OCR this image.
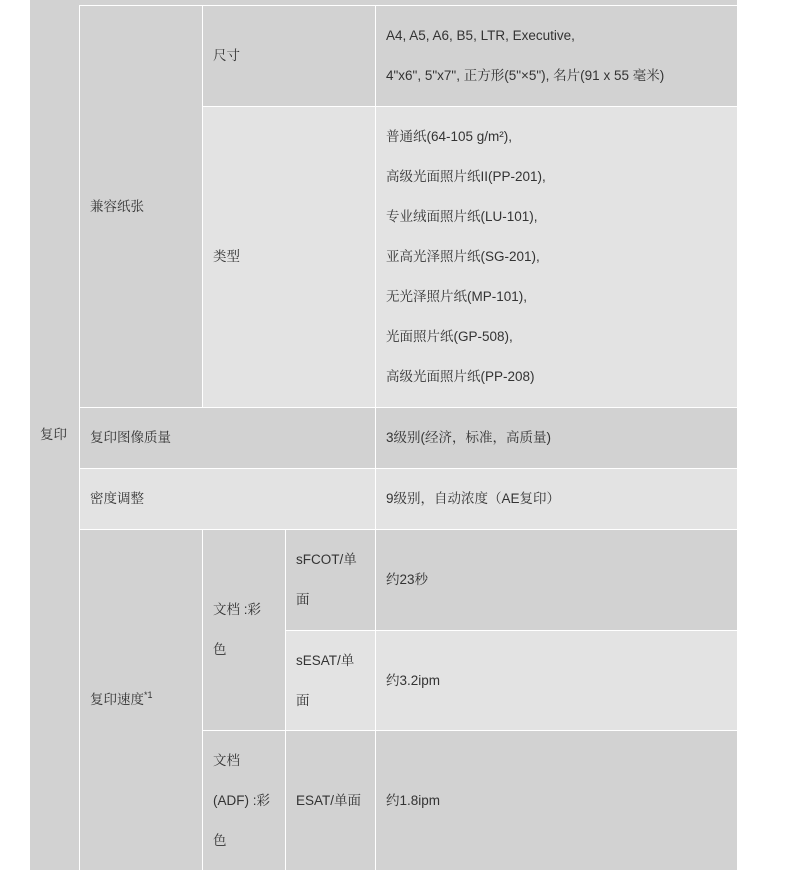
复印
兼容纸张
尺寸
A4, A5, A6, B5, LTR, Executive,
4"x6", 5"x7", 正方形(5"×5"), 名片(91 x 55 毫米)
类型
普通纸(64-105 g/m²),
高级光面照片纸II(PP-201),
专业绒面照片纸(LU-101),
亚高光泽照片纸(SG-201),
无光泽照片纸(MP-101),
光面照片纸(GP-508),
高级光面照片纸(PP-208)
复印图像质量	3级别(经济，标准，高质量)
密度调整	9级别，自动浓度（AE复印）
复印速度$^{*1}$
文档 :彩
色
sFCOT/单
面
约23秒
sESAT/单
面
约3.2ipm
文档
(ADF) :彩
色
ESAT/单面 约1.8ipm
